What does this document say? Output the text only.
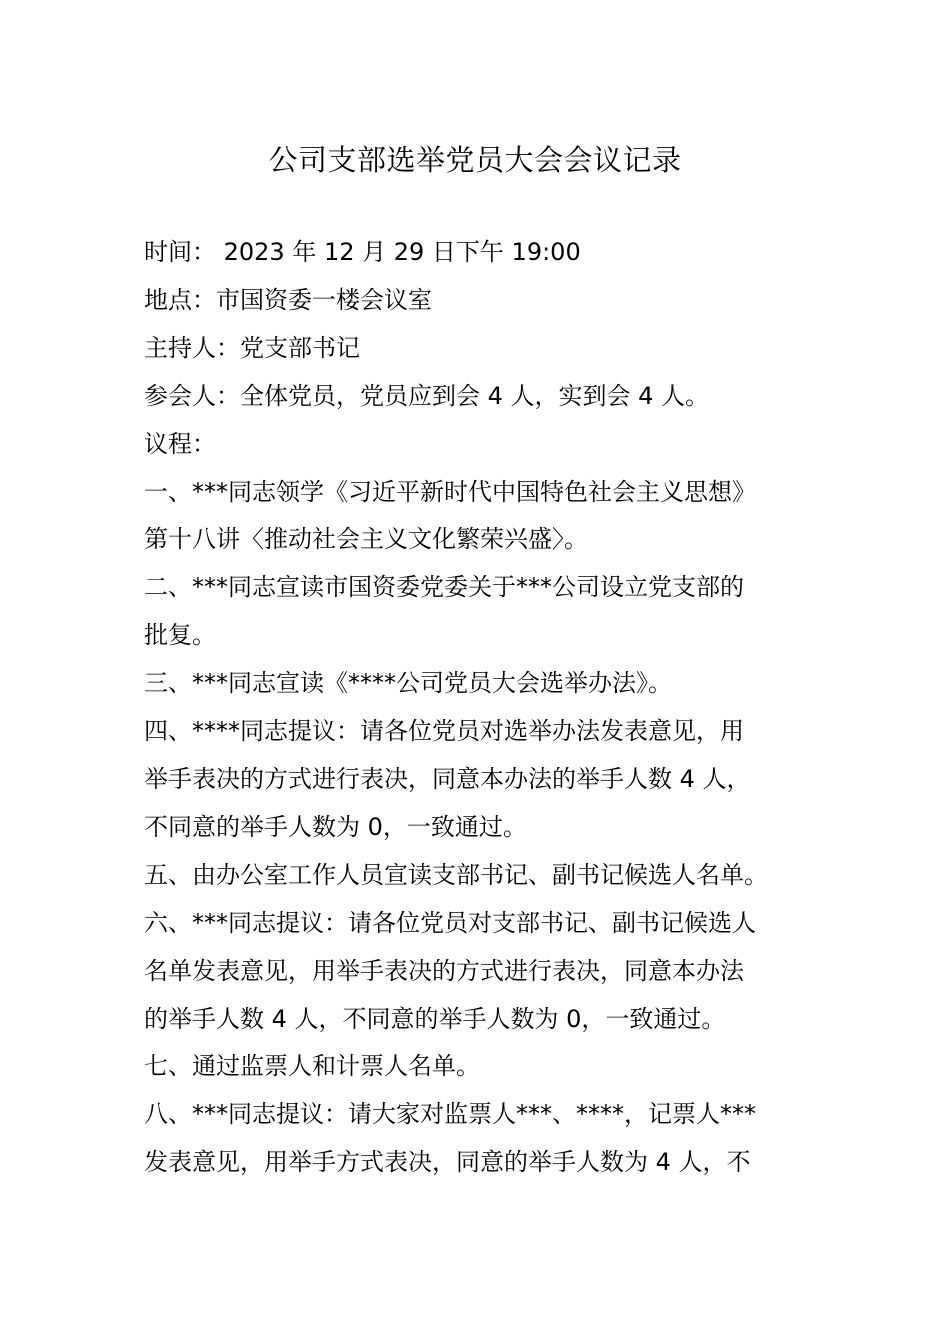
公司支部选举党员大会会议记录

时间： 2023 年 12 月 29 日下午 19:00

地点：市国资委一楼会议室

主持人：党支部书记

参会人：全体党员，党员应到会 4 人，实到会 4 人。

议程：

一、***同志领学《习近平新时代中国特色社会主义思想》

第十八讲〈推动社会主义文化繁荣兴盛〉。

二、***同志宣读市国资委党委关于***公司设立党支部的

批复。

三、***同志宣读《****公司党员大会选举办法》。

四、****同志提议：请各位党员对选举办法发表意见，用

举手表决的方式进行表决，同意本办法的举手人数 4 人，

不同意的举手人数为 0，一致通过。

五、由办公室工作人员宣读支部书记、副书记候选人名单。

六、***同志提议：请各位党员对支部书记、副书记候选人

名单发表意见，用举手表决的方式进行表决，同意本办法

的举手人数 4 人，不同意的举手人数为 0，一致通过。

七、通过监票人和计票人名单。

八、***同志提议：请大家对监票人***、****，记票人***

发表意见，用举手方式表决，同意的举手人数为 4 人，不
